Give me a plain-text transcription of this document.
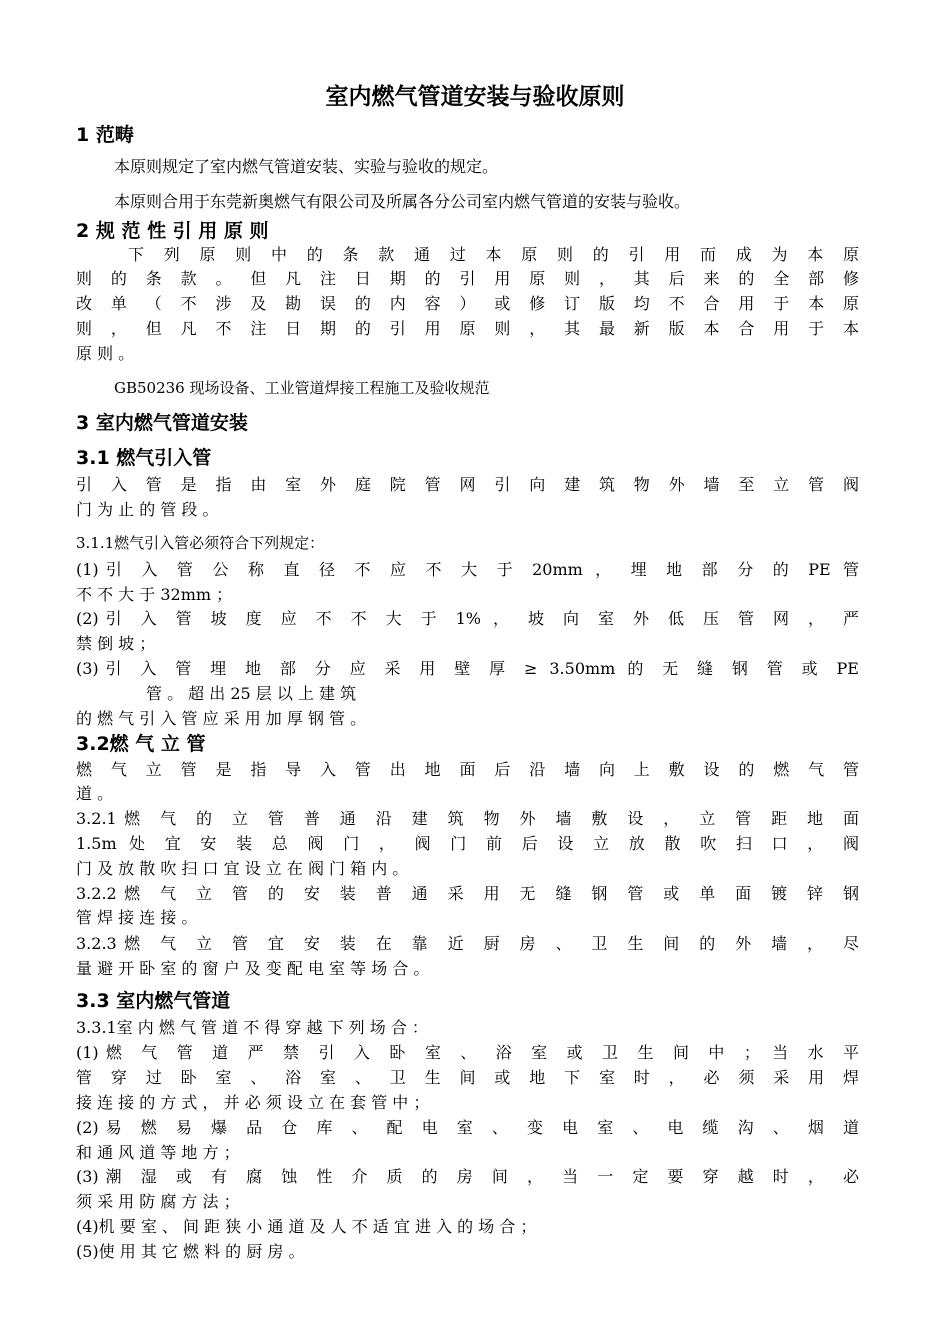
室内燃气管道安装与验收原则
1 范畴
本原则规定了室内燃气管道安装、实验与验收的规定。
本原则合用于东莞新奥燃气有限公司及所属各分公司室内燃气管道的安装与验收。
2 规 范 性 引 用 原 则
下 列 原 则 中 的 条 款 通 过 本 原 则 的 引 用 而 成 为 本 原
则 的 条 款 。 但 凡 注 日 期 的 引 用 原 则 ， 其 后 来 的 全 部 修
改 单 （ 不 涉 及 勘 误 的 内 容 ） 或 修 订 版 均 不 合 用 于 本 原
则 ， 但 凡 不 注 日 期 的 引 用 原 则 ， 其 最 新 版 本 合 用 于 本
原 则 。
GB50236 现场设备、工业管道焊接工程施工及验收规范
3 室内燃气管道安装
3.1 燃气引入管
引 入 管 是 指 由 室 外 庭 院 管 网 引 向 建 筑 物 外 墙 至 立 管 阀
门 为 止 的 管 段 。
3.1.1燃气引入管必须符合下列规定：
(1)引 入 管 公 称 直 径 不 应 不 大 于 20mm ， 埋 地 部 分 的 PE 管
不 不 大 于 32mm ；
(2)引 入 管 坡 度 应 不 不 大 于 1% ， 坡 向 室 外 低 压 管 网 ， 严
禁 倒 坡 ；
(3)引 入 管 埋 地 部 分 应 采 用 壁 厚 ≥ 3.50mm 的 无 缝 钢 管 或 PE
管 。 超 出 25 层 以 上 建 筑
的 燃 气 引 入 管 应 采 用 加 厚 钢 管 。
3.2燃 气 立 管
燃 气 立 管 是 指 导 入 管 出 地 面 后 沿 墙 向 上 敷 设 的 燃 气 管
道 。
3.2.1燃 气 的 立 管 普 通 沿 建 筑 物 外 墙 敷 设 ， 立 管 距 地 面
1.5m 处 宜 安 装 总 阀 门 ， 阀 门 前 后 设 立 放 散 吹 扫 口 ， 阀
门 及 放 散 吹 扫 口 宜 设 立 在 阀 门 箱 内 。
3.2.2燃 气 立 管 的 安 装 普 通 采 用 无 缝 钢 管 或 单 面 镀 锌 钢
管 焊 接 连 接 。
3.2.3燃 气 立 管 宜 安 装 在 靠 近 厨 房 、 卫 生 间 的 外 墙 ， 尽
量 避 开 卧 室 的 窗 户 及 变 配 电 室 等 场 合 。
3.3 室内燃气管道
3.3.1室 内 燃 气 管 道 不 得 穿 越 下 列 场 合 ：
(1)燃 气 管 道 严 禁 引 入 卧 室 、 浴 室 或 卫 生 间 中 ； 当 水 平
管 穿 过 卧 室 、 浴 室 、 卫 生 间 或 地 下 室 时 ， 必 须 采 用 焊
接 连 接 的 方 式 ， 并 必 须 设 立 在 套 管 中 ；
(2)易 燃 易 爆 品 仓 库 、 配 电 室 、 变 电 室 、 电 缆 沟 、 烟 道
和 通 风 道 等 地 方 ；
(3)潮 湿 或 有 腐 蚀 性 介 质 的 房 间 ， 当 一 定 要 穿 越 时 ， 必
须 采 用 防 腐 方 法 ；
(4)机 要 室 、 间 距 狭 小 通 道 及 人 不 适 宜 进 入 的 场 合 ；
(5)使 用 其 它 燃 料 的 厨 房 。
